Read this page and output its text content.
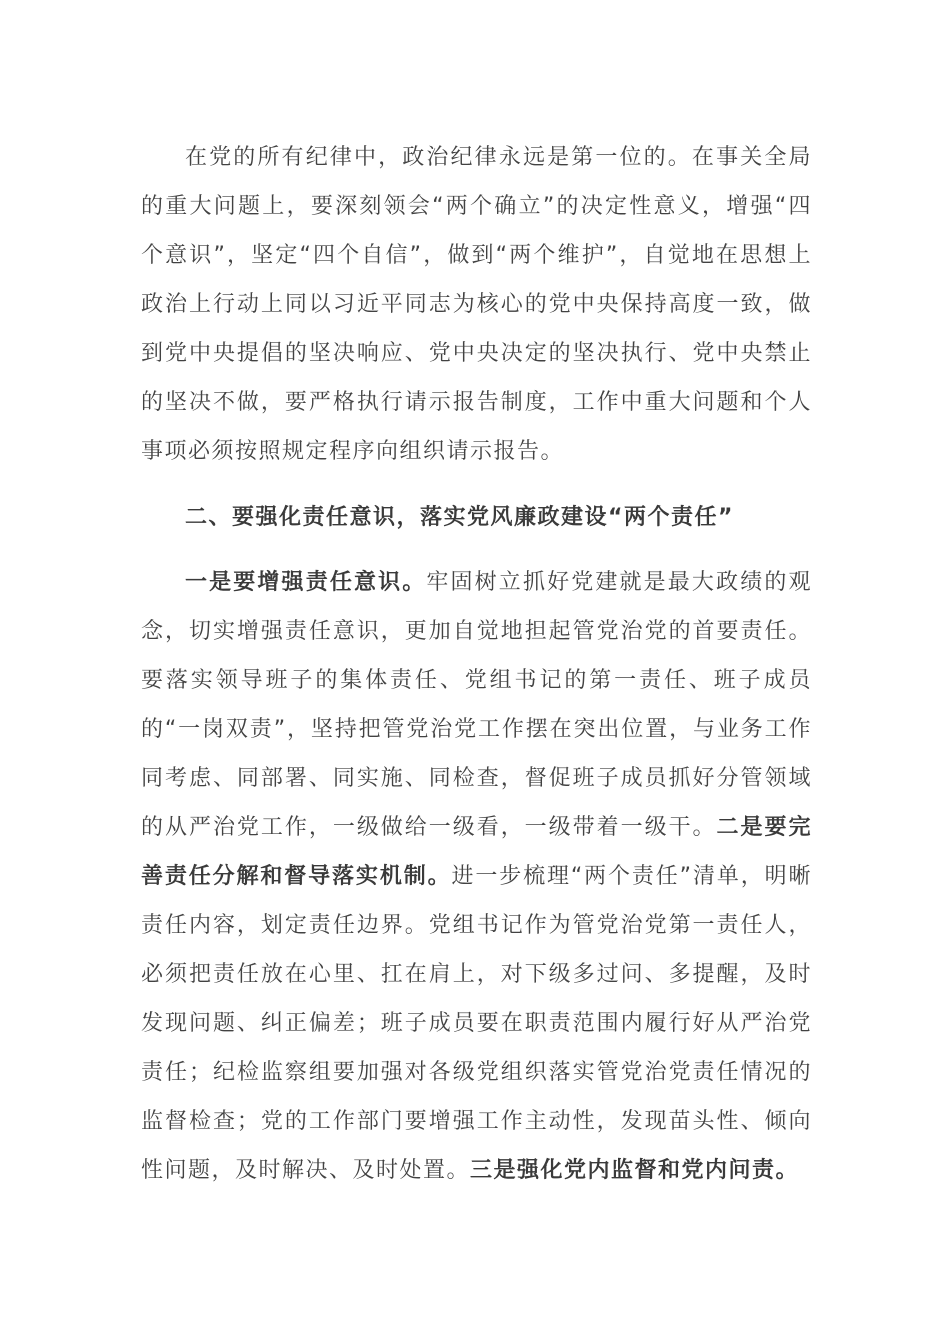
在党的所有纪律中，政治纪律永远是第一位的。在事关全局的重大问题上，要深刻领会“两个确立”的决定性意义，增强“四个意识”，坚定“四个自信”，做到“两个维护”，自觉地在思想上政治上行动上同以习近平同志为核心的党中央保持高度一致，做到党中央提倡的坚决响应、党中央决定的坚决执行、党中央禁止的坚决不做，要严格执行请示报告制度，工作中重大问题和个人事项必须按照规定程序向组织请示报告。

二、要强化责任意识，落实党风廉政建设“两个责任”

一是要增强责任意识。牢固树立抓好党建就是最大政绩的观念，切实增强责任意识，更加自觉地担起管党治党的首要责任。要落实领导班子的集体责任、党组书记的第一责任、班子成员的“一岗双责”，坚持把管党治党工作摆在突出位置，与业务工作同考虑、同部署、同实施、同检查，督促班子成员抓好分管领域的从严治党工作，一级做给一级看，一级带着一级干。二是要完善责任分解和督导落实机制。进一步梳理“两个责任”清单，明晰责任内容，划定责任边界。党组书记作为管党治党第一责任人，必须把责任放在心里、扛在肩上，对下级多过问、多提醒，及时发现问题、纠正偏差；班子成员要在职责范围内履行好从严治党责任；纪检监察组要加强对各级党组织落实管党治党责任情况的监督检查；党的工作部门要增强工作主动性，发现苗头性、倾向性问题，及时解决、及时处置。三是强化党内监督和党内问责。
